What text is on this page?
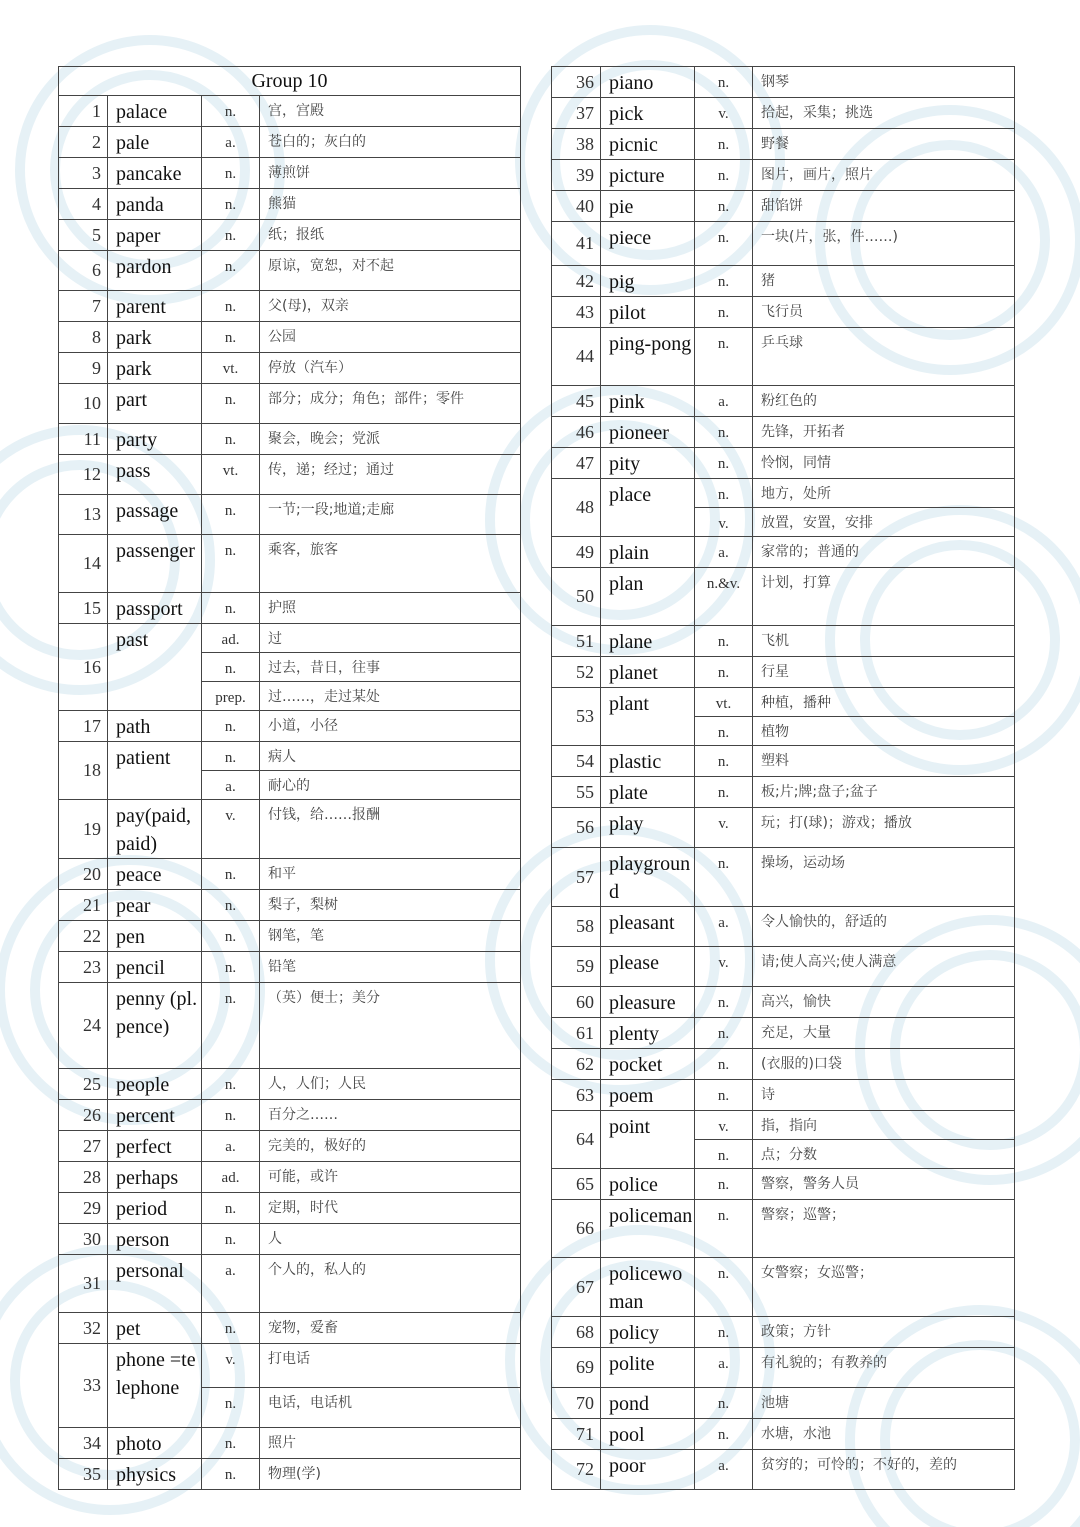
Group 10			
1	palace	n.	宫，宫殿
2	pale	a.	苍白的；灰白的
3	pancake	n.	薄煎饼
4	panda	n.	熊猫
5	paper	n.	纸；报纸
6	pardon	n.	原谅，宽恕，对不起
7	parent	n.	父(母)，双亲
8	park	n.	公园
9	park	vt.	停放（汽车）
10	part	n.	部分；成分；角色；部件；零件
11	party	n.	聚会，晚会；党派
12	pass	vt.	传，递；经过；通过
13	passage	n.	一节;一段;地道;走廊
14	passenger	n.	乘客，旅客
15	passport	n.	护照
16	past	ad.	过
		n.	过去，昔日，往事
		prep.	过……，走过某处
17	path	n.	小道，小径
18	patient	n.	病人
		a.	耐心的
19	pay(paid, paid)	v.	付钱，给……报酬
20	peace	n.	和平
21	pear	n.	梨子，梨树
22	pen	n.	钢笔，笔
23	pencil	n.	铅笔
24	penny (pl.pence)	n.	（英）便士；美分
25	people	n.	人，人们；人民
26	percent	n.	百分之……
27	perfect	a.	完美的，极好的
28	perhaps	ad.	可能，或许
29	period	n.	定期，时代
30	person	n.	人
31	personal	a.	个人的，私人的
32	pet	n.	宠物，爱畜
33	phone =telephone	v.	打电话
		n.	电话，电话机
34	photo	n.	照片
35	physics	n.	物理(学)
36	piano	n.	钢琴
37	pick	v.	拾起，采集；挑选
38	picnic	n.	野餐
39	picture	n.	图片，画片，照片
40	pie	n.	甜馅饼
41	piece	n.	一块(片，张，件……)
42	pig	n.	猪
43	pilot	n.	飞行员
44	ping-pong	n.	乒乓球
45	pink	a.	粉红色的
46	pioneer	n.	先锋，开拓者
47	pity	n.	怜悯，同情
48	place	n.	地方，处所
		v.	放置，安置，安排
49	plain	a.	家常的；普通的
50	plan	n.&v.	计划，打算
51	plane	n.	飞机
52	planet	n.	行星
53	plant	vt.	种植，播种
		n.	植物
54	plastic	n.	塑料
55	plate	n.	板;片;牌;盘子;盆子
56	play	v.	玩；打(球)；游戏；播放
57	playground	n.	操场，运动场
58	pleasant	a.	令人愉快的，舒适的
59	please	v.	请;使人高兴;使人满意
60	pleasure	n.	高兴，愉快
61	plenty	n.	充足，大量
62	pocket	n.	(衣服的)口袋
63	poem	n.	诗
64	point	v.	指，指向
		n.	点；分数
65	police	n.	警察，警务人员
66	policeman	n.	警察；巡警；
67	policewoman	n.	女警察；女巡警；
68	policy	n.	政策；方针
69	polite	a.	有礼貌的；有教养的
70	pond	n.	池塘
71	pool	n.	水塘，水池
72	poor	a.	贫穷的；可怜的；不好的，差的
